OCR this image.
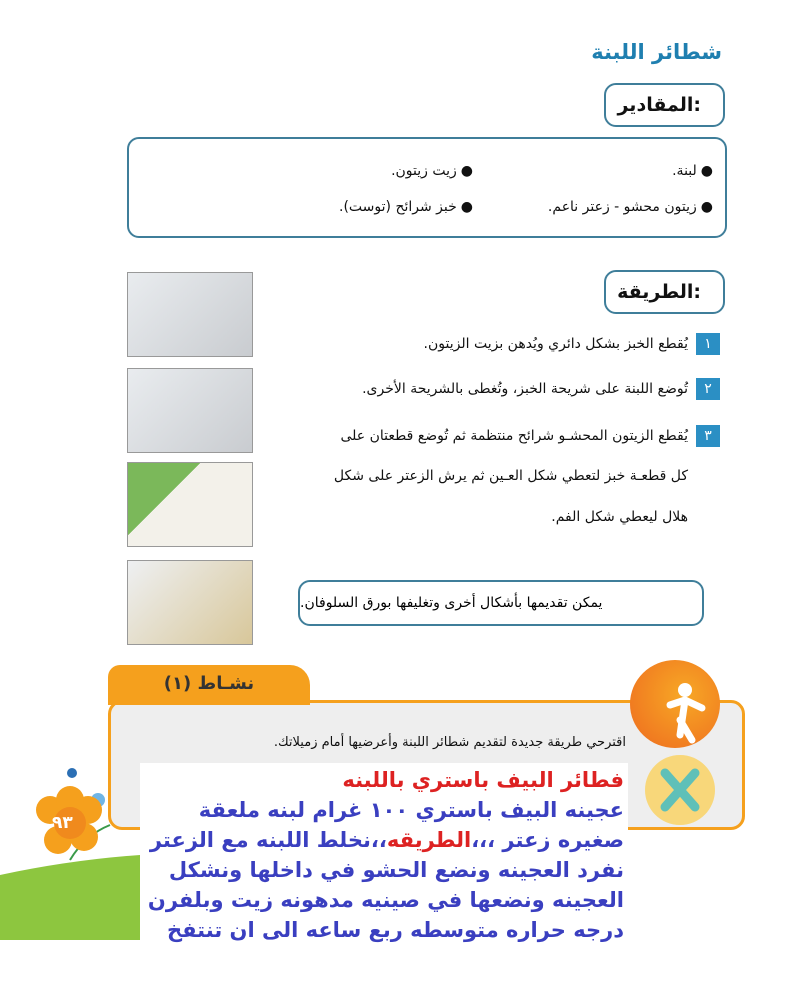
شطائر اللبنة
المقادير:
● لبنة.
● زيت زيتون.
● زيتون محشو - زعتر ناعم.
● خبز شرائح (توست).
الطريقة:
١يُقطع الخبز بشكل دائري ويُدهن بزيت الزيتون.
٢تُوضع اللبنة على شريحة الخبز، وتُغطى بالشريحة الأخرى.
٣يُقطع الزيتون المحشـو شرائح منتظمة ثم تُوضع قطعتان على
كل قطعـة خبز لتعطي شكل العـين ثم يرش الزعتر على شكل
هلال ليعطي شكل الفم.
يمكن تقديمها بأشكال أخرى وتغليفها بورق السلوفان.
نشـاط (١)
اقترحي طريقة جديدة لتقديم شطائر اللبنة وأعرضيها أمام زميلاتك.
٩٣
فطائر البيف باستري باللبنه
عجينه البيف باستري ١٠٠ غرام لبنه ملعقة
صغيره زعتر ،،،الطريقه،،نخلط اللبنه مع الزعتر
نفرد العجينه ونضع الحشو في داخلها ونشكل
العجينه ونضعها في صينيه مدهونه زيت وبلفرن
درجه حراره متوسطه ربع ساعه الى ان تنتفخ
